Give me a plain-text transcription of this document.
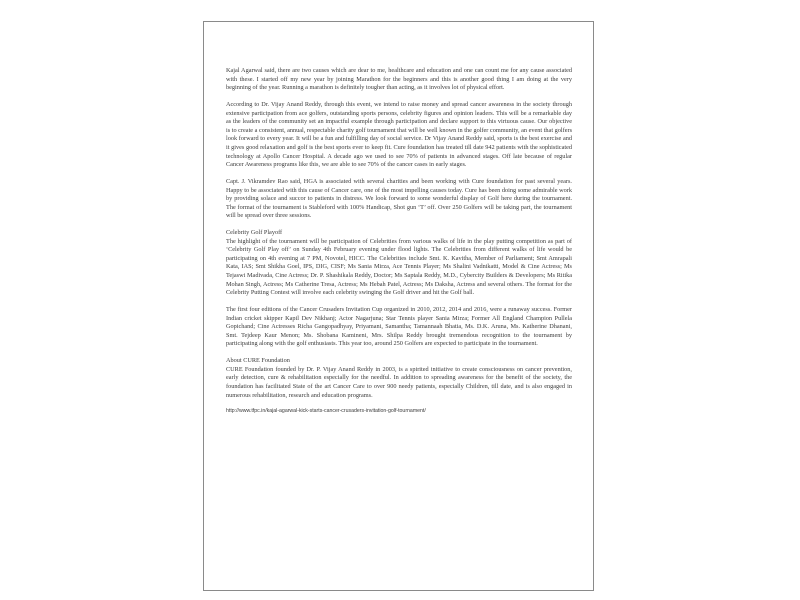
Kajal Agarwal said, there are two causes which are dear to me, healthcare and education and one can count me for any cause associated with these. I started off my new year by joining Marathon for the beginners and this is another good thing I am doing at the very beginning of the year. Running a marathon is definitely tougher than acting, as it involves lot of physical effort.

According to Dr. Vijay Anand Reddy, through this event, we intend to raise money and spread cancer awareness in the society through extensive participation from ace golfers, outstanding sports persons, celebrity figures and opinion leaders. This will be a remarkable day as the leaders of the community set an impactful example through participation and declare support to this virtuous cause. Our objective is to create a consistent, annual, respectable charity golf tournament that will be well known in the golfer community, an event that golfers look forward to every year. It will be a fun and fulfilling day of social service. Dr Vijay Anand Reddy said, sports is the best exercise and it gives good relaxation and golf is the best sports ever to keep fit. Cure foundation has treated till date 942 patients with the sophisticated technology at Apollo Cancer Hospital. A decade ago we used to see 70% of patients in advanced stages. Off late because of regular Cancer Awareness programs like this, we are able to see 70% of the cancer cases in early stages.

Capt. J. Vikramdev Rao said, HGA is associated with several charities and been working with Cure foundation for past several years. Happy to be associated with this cause of Cancer care, one of the most impelling causes today. Cure has been doing some admirable work by providing solace and succor to patients in distress. We look forward to some wonderful display of Golf here during the tournament. The format of the tournament is Stableford with 100% Handicap, Shot gun ‘T’ off. Over 250 Golfers will be taking part, the tournament will be spread over three sessions.

Celebrity Golf Playoff

The highlight of the tournament will be participation of Celebrities from various walks of life in the play putting competition as part of ‘Celebrity Golf Play off’ on Sunday 4th February evening under flood lights. The Celebrities from different walks of life would be participating on 4th evening at 7 PM, Novotel, HICC. The Celebrities include Smt. K. Kavitha, Member of Parliament; Smt Amrapali Kata, IAS; Smt Shikha Goel, IPS, DIG, CISF; Ms Sania Mirza, Ace Tennis Player; Ms Shalini Vadnikatti, Model & Cine Actress; Ms Tejaswi Madivada, Cine Actress; Dr. P. Shashikala Reddy, Doctor; Ms Saptala Reddy, M.D., Cybercity Builders & Developers; Ms Ritika Mohan Singh, Actress; Ms Catherine Tresa, Actress; Ms Hebah Patel, Actress; Ms Daksha, Actress and several others. The format for the Celebrity Putting Contest will involve each celebrity swinging the Golf driver and hit the Golf ball.

The first four editions of the Cancer Crusaders Invitation Cup organized in 2010, 2012, 2014 and 2016, were a runaway success. Former Indian cricket skipper Kapil Dev Nikhanj; Actor Nagarjuna; Star Tennis player Sania Mirza; Former All England Champion Pullela Gopichand; Cine Actresses Richa Gangopadhyay, Priyamani, Samantha; Tamannaah Bhatia, Ms. D.K. Aruna, Ms. Katherine Dhanani, Smt. Tejdeep Kaur Menon; Ms. Shobana Kamineni, Mrs. Shilpa Reddy brought tremendous recognition to the tournament by participating along with the golf enthusiasts. This year too, around 250 Golfers are expected to participate in the tournament.

About CURE Foundation

CURE Foundation founded by Dr. P. Vijay Anand Reddy in 2003, is a spirited initiative to create consciousness on cancer prevention, early detection, cure & rehabilitation especially for the needful. In addition to spreading awareness for the benefit of the society, the foundation has facilitated State of the art Cancer Care to over 900 needy patients, especially Children, till date, and is also engaged in numerous rehabilitation, research and education programs.

http://www.tfpc.in/kajal-agarwal-kick-starts-cancer-crusaders-invitation-golf-tournament/
